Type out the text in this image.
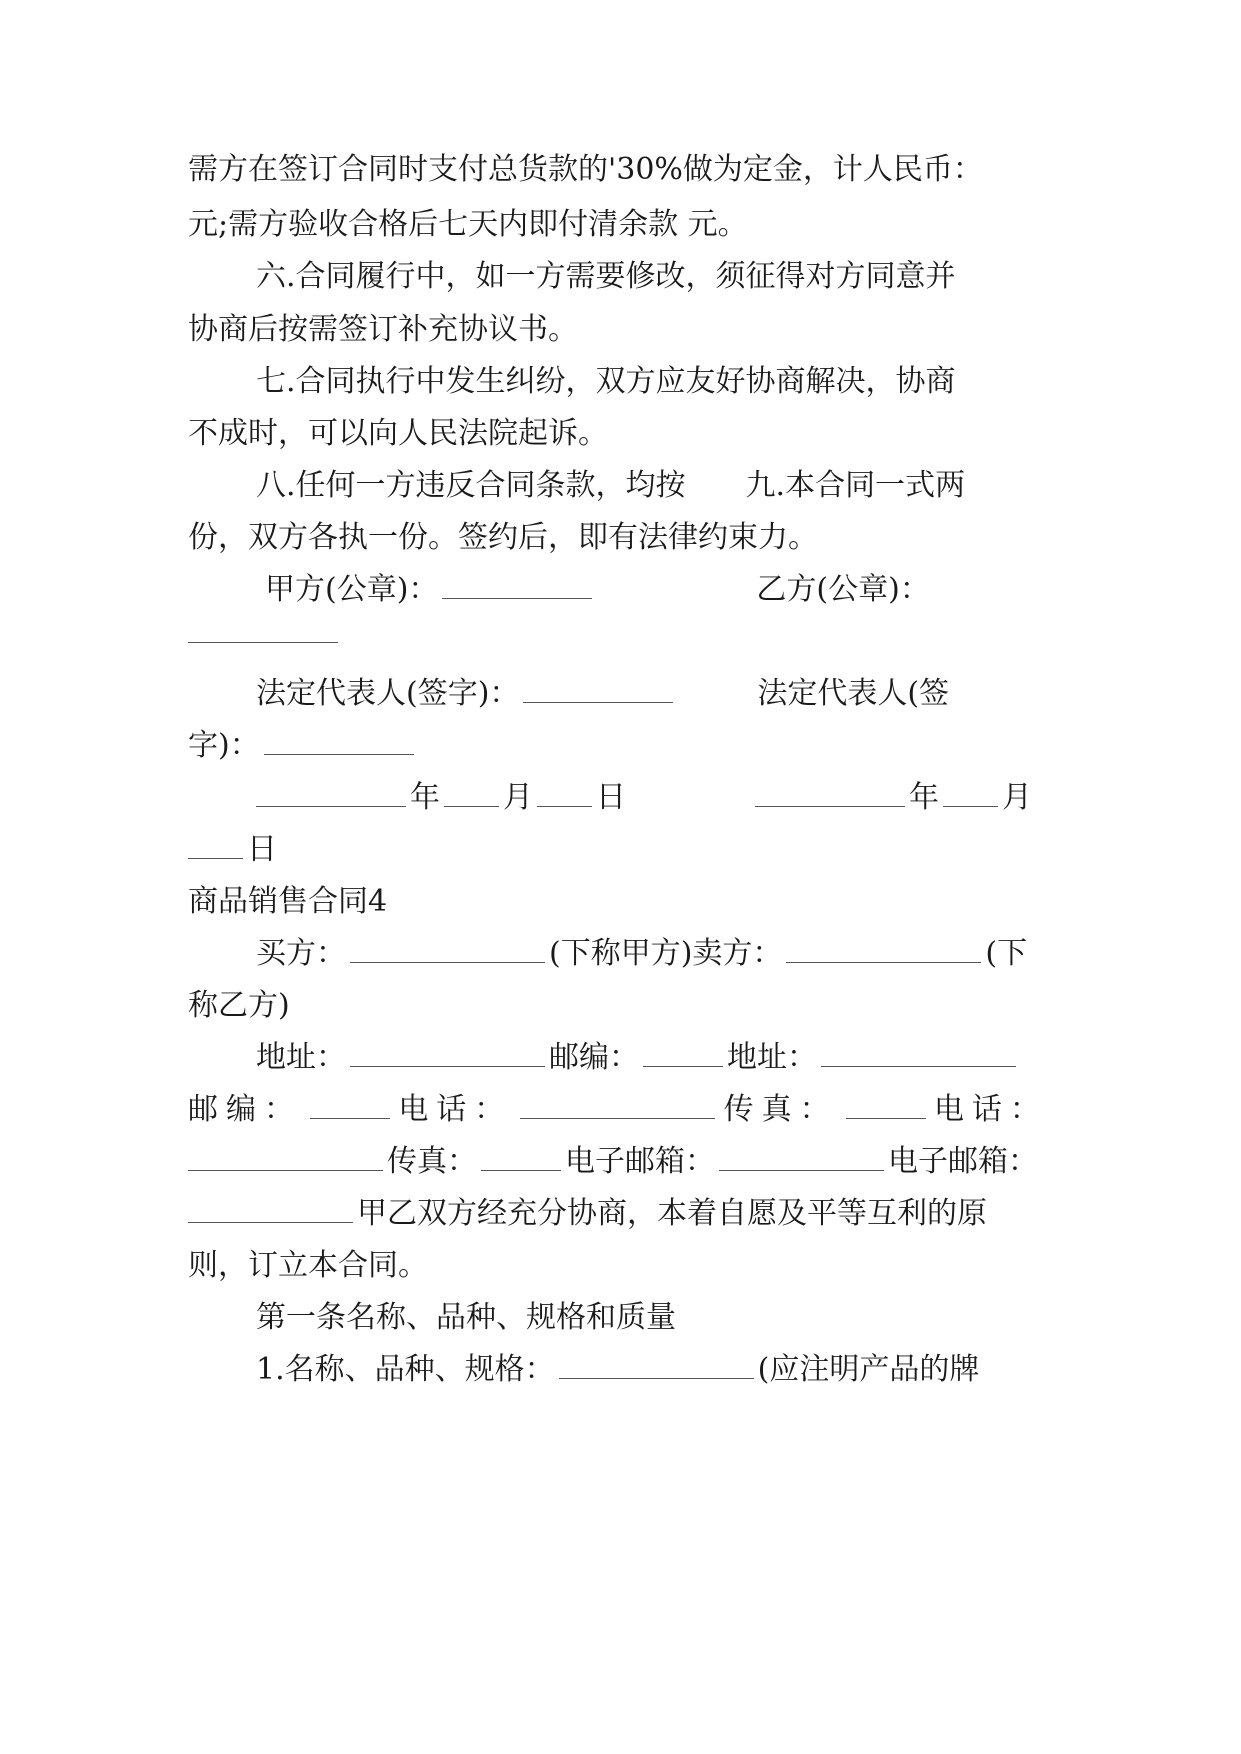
需方在签订合同时支付总货款的'30%做为定金，计人民币：
元;需方验收合格后七天内即付清余款 元。
六.合同履行中，如一方需要修改，须征得对方同意并
协商后按需签订补充协议书。
七.合同执行中发生纠纷，双方应友好协商解决，协商
不成时，可以向人民法院起诉。
八.任何一方违反合同条款，均按 九.本合同一式两
份，双方各执一份。签约后，即有法律约束力。
甲方(公章)：	乙方(公章)：
法定代表人(签字)：	法定代表人(签
字)：
年 月 日	年 月
日
商品销售合同4
买方：	(下称甲方)卖方：	(下
称乙方)
地址：	邮编：	地址：
邮编：	电话：	传真：	电话：
传真：	电子邮箱：	电子邮箱：
甲乙双方经充分协商，本着自愿及平等互利的原
则，订立本合同。
第一条名称、品种、规格和质量
1.名称、品种、规格：	(应注明产品的牌
